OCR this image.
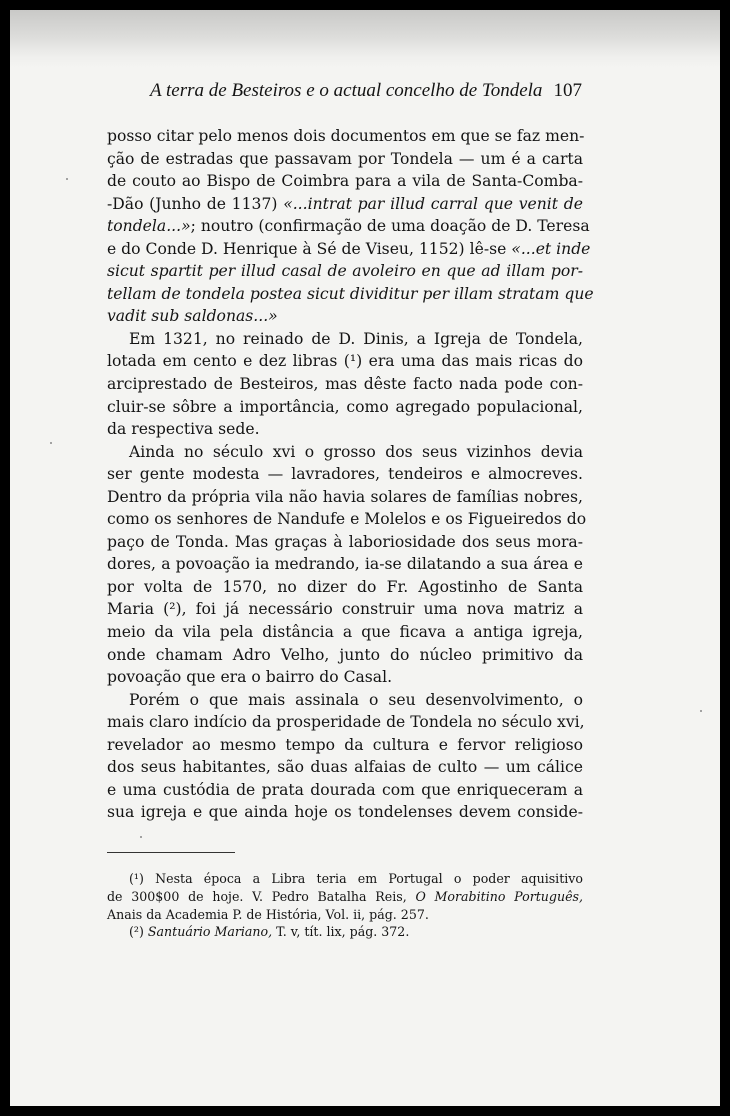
A terra de Besteiros e o actual concelho de Tondela 107
posso citar pelo menos dois documentos em que se faz men-
ção de estradas que passavam por Tondela — um é a carta
de couto ao Bispo de Coimbra para a vila de Santa-Comba-
-Dão (Junho de 1137) «...intrat par illud carral que venit de
tondela...»; noutro (confirmação de uma doação de D. Teresa
e do Conde D. Henrique à Sé de Viseu, 1152) lê-se «...et inde
sicut spartit per illud casal de avoleiro en que ad illam por-
tellam de tondela postea sicut dividitur per illam stratam que
vadit sub saldonas...»
Em 1321, no reinado de D. Dinis, a Igreja de Tondela,
lotada em cento e dez libras (¹) era uma das mais ricas do
arciprestado de Besteiros, mas dêste facto nada pode con-
cluir-se sôbre a importância, como agregado populacional,
da respectiva sede.
Ainda no século xvi o grosso dos seus vizinhos devia
ser gente modesta — lavradores, tendeiros e almocreves.
Dentro da própria vila não havia solares de famílias nobres,
como os senhores de Nandufe e Molelos e os Figueiredos do
paço de Tonda. Mas graças à laboriosidade dos seus mora-
dores, a povoação ia medrando, ia-se dilatando a sua área e
por volta de 1570, no dizer do Fr. Agostinho de Santa
Maria (²), foi já necessário construir uma nova matriz a
meio da vila pela distância a que ficava a antiga igreja,
onde chamam Adro Velho, junto do núcleo primitivo da
povoação que era o bairro do Casal.
Porém o que mais assinala o seu desenvolvimento, o
mais claro indício da prosperidade de Tondela no século xvi,
revelador ao mesmo tempo da cultura e fervor religioso
dos seus habitantes, são duas alfaias de culto — um cálice
e uma custódia de prata dourada com que enriqueceram a
sua igreja e que ainda hoje os tondelenses devem conside-
(¹) Nesta época a Libra teria em Portugal o poder aquisitivo
de 300$00 de hoje. V. Pedro Batalha Reis, O Morabitino Português,
Anais da Academia P. de História, Vol. ii, pág. 257.
(²) Santuário Mariano, T. v, tít. lix, pág. 372.
